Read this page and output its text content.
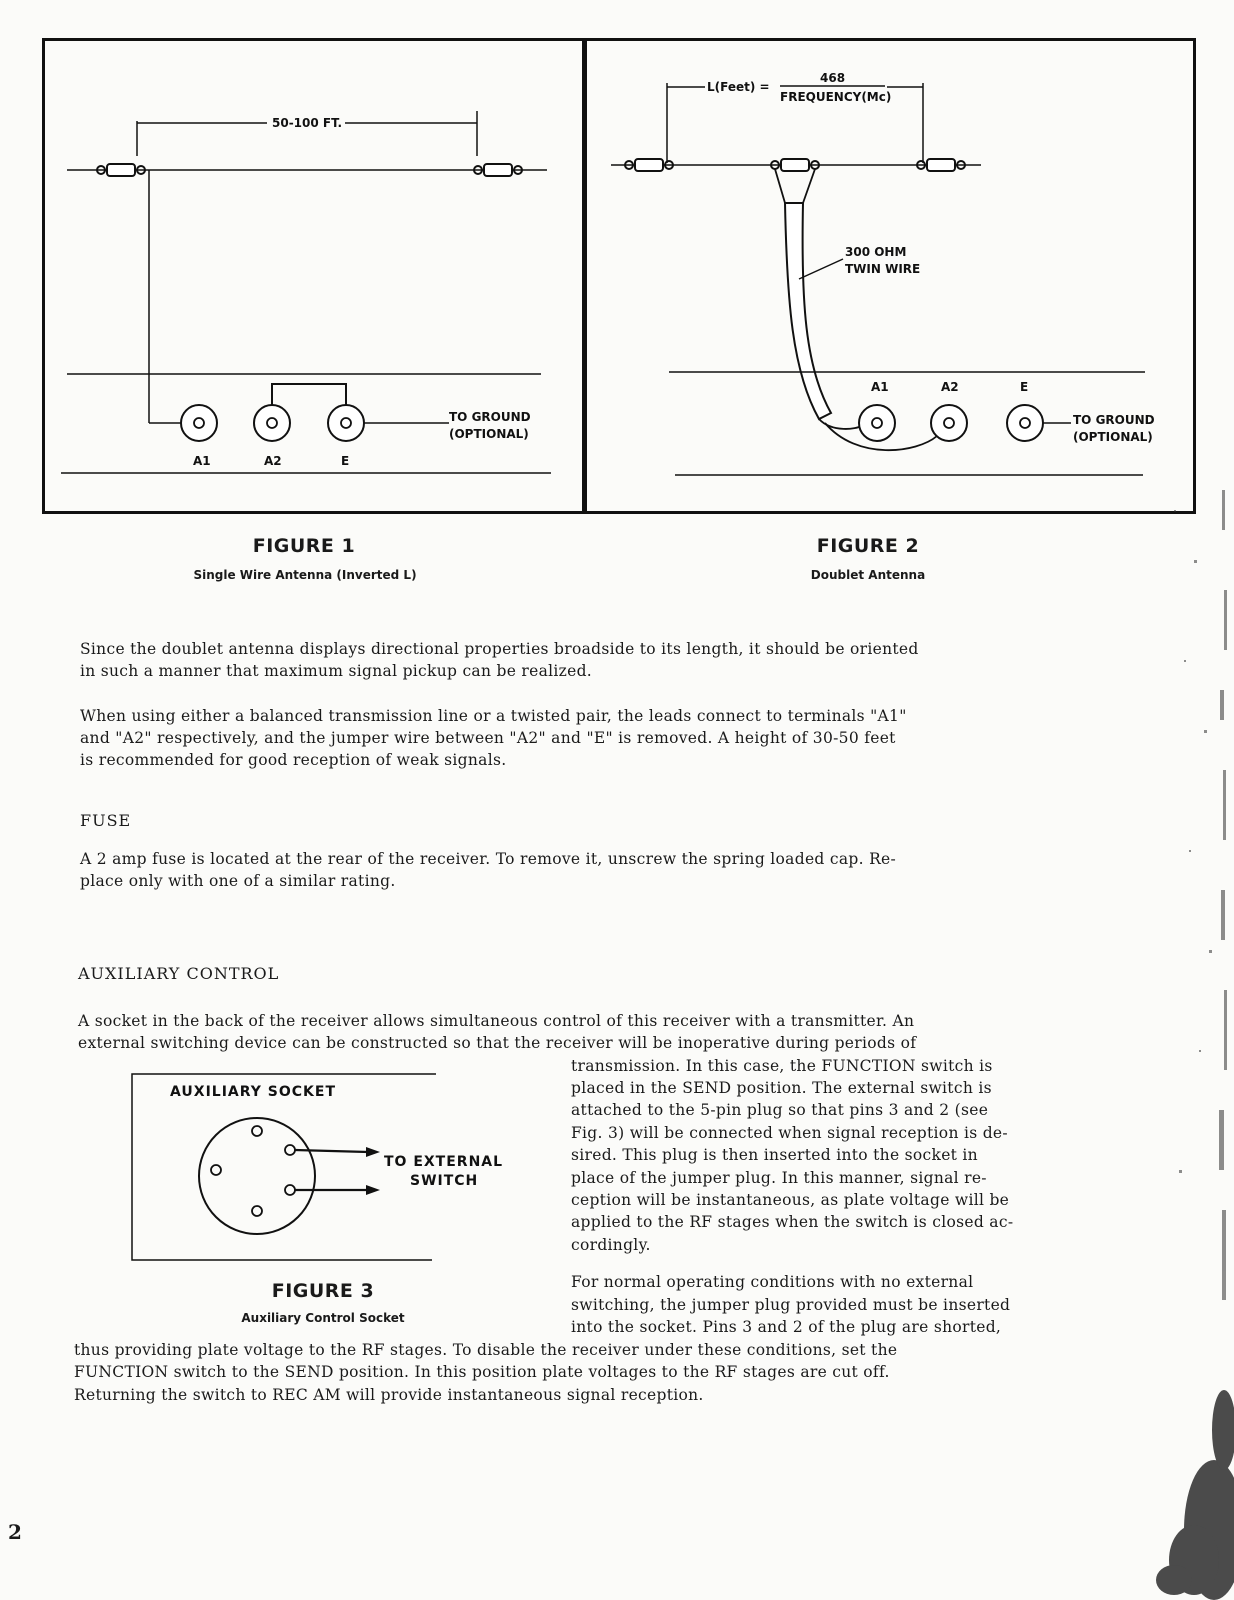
50-100 FT.
TO GROUND
(OPTIONAL)
A1	A2	E
L(Feet) =
468
FREQUENCY(Mc)
300 OHM
TWIN WIRE
A1	A2	E
TO GROUND
(OPTIONAL)
FIGURE 1
Single Wire Antenna (Inverted L)
FIGURE 2
Doublet Antenna
Since the doublet antenna displays directional properties broadside to its length, it should be oriented
in such a manner that maximum signal pickup can be realized.
When using either a balanced transmission line or a twisted pair, the leads connect to terminals "A1"
and "A2" respectively, and the jumper wire between "A2" and "E" is removed. A height of 30-50 feet
is recommended for good reception of weak signals.
FUSE
A 2 amp fuse is located at the rear of the receiver. To remove it, unscrew the spring loaded cap. Re-
place only with one of a similar rating.
AUXILIARY CONTROL
A socket in the back of the receiver allows simultaneous control of this receiver with a transmitter. An
external switching device can be constructed so that the receiver will be inoperative during periods of
transmission. In this case, the FUNCTION switch is
placed in the SEND position. The external switch is
attached to the 5-pin plug so that pins 3 and 2 (see
Fig. 3) will be connected when signal reception is de-
sired. This plug is then inserted into the socket in
place of the jumper plug. In this manner, signal re-
ception will be instantaneous, as plate voltage will be
applied to the RF stages when the switch is closed ac-
cordingly.
For normal operating conditions with no external
switching, the jumper plug provided must be inserted
into the socket. Pins 3 and 2 of the plug are shorted,
thus providing plate voltage to the RF stages. To disable the receiver under these conditions, set the
FUNCTION switch to the SEND position. In this position plate voltages to the RF stages are cut off.
Returning the switch to REC AM will provide instantaneous signal reception.
AUXILIARY SOCKET
TO EXTERNAL
SWITCH
FIGURE 3
Auxiliary Control Socket
2
